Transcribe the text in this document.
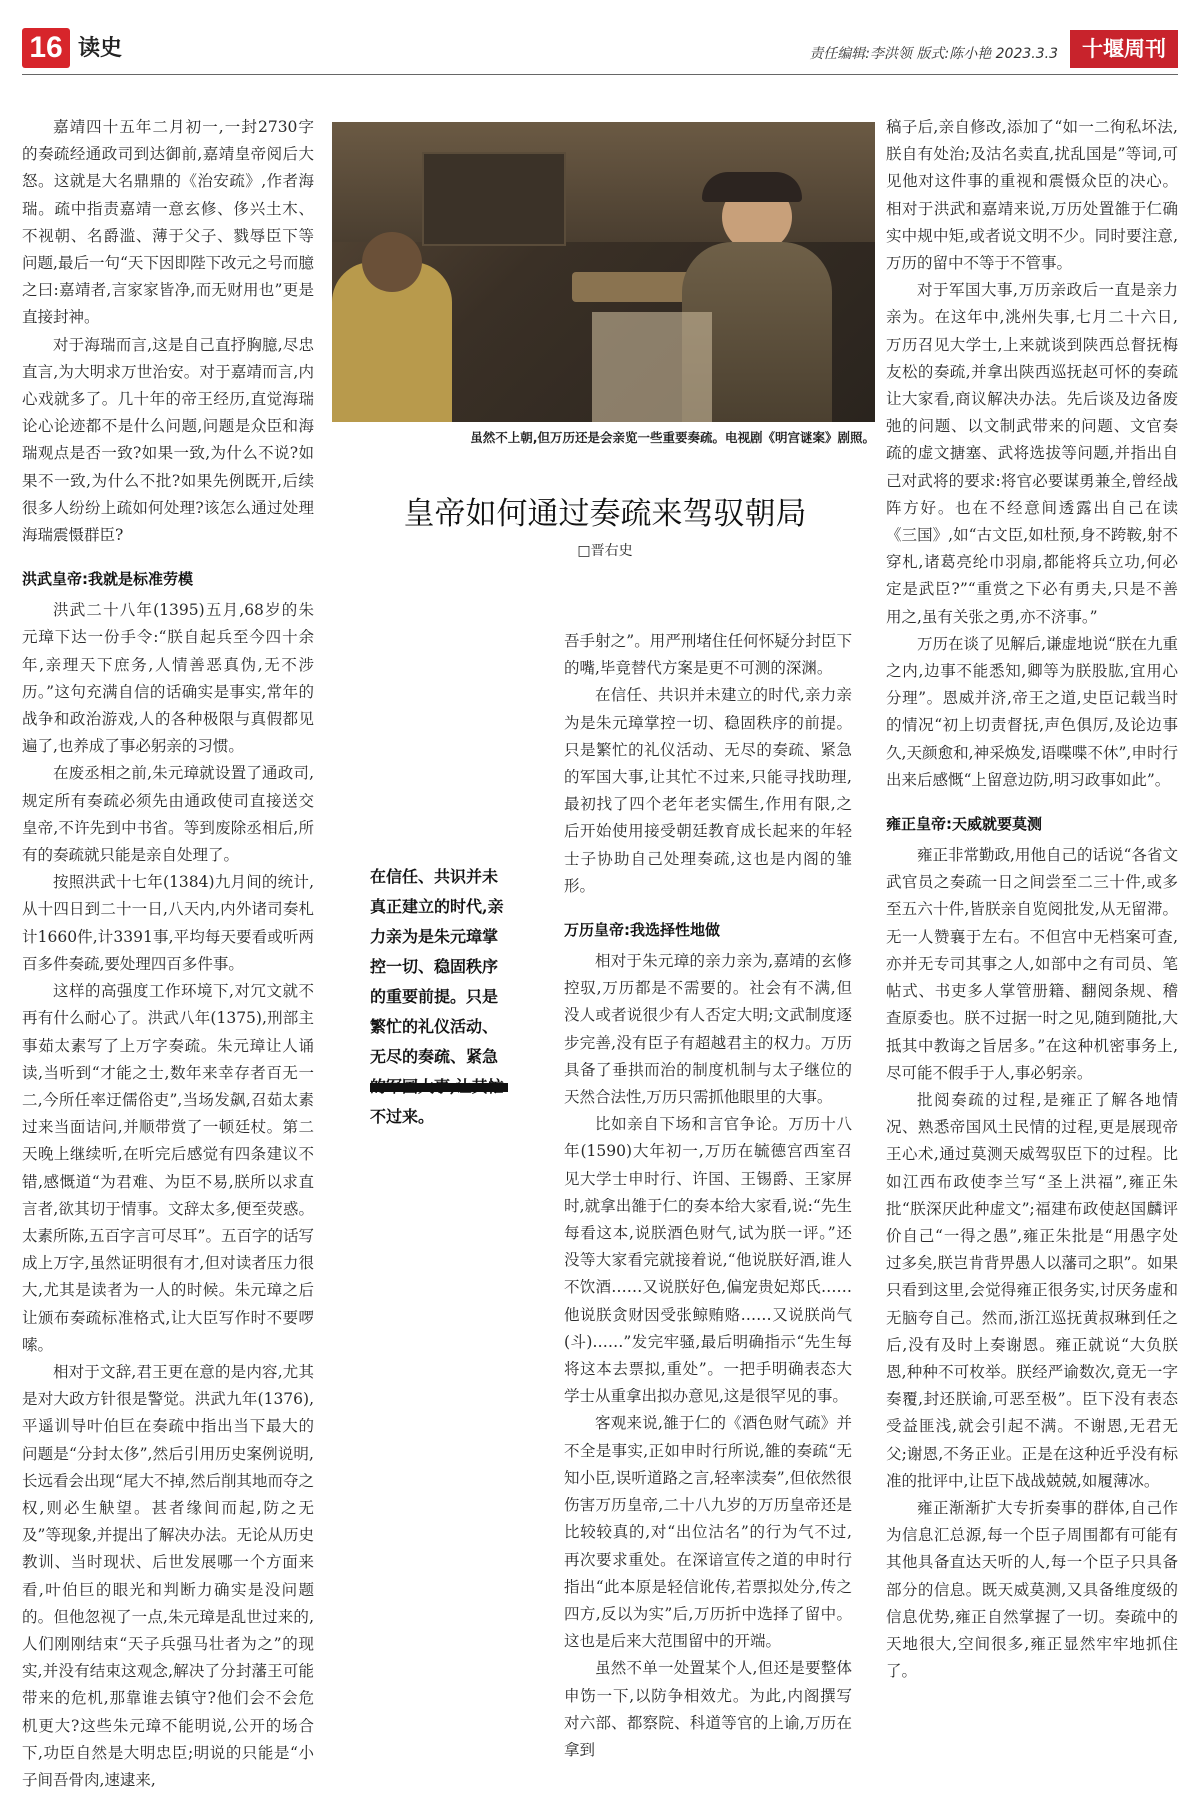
16 读史	责任编辑:李洪领 版式:陈小艳 2023.3.3	十堰周刊

嘉靖四十五年二月初一,一封2730字的奏疏经通政司到达御前,嘉靖皇帝阅后大怒。这就是大名鼎鼎的《治安疏》,作者海瑞。疏中指责嘉靖一意玄修、侈兴土木、不视朝、名爵滥、薄于父子、戮辱臣下等问题,最后一句“天下因即陛下改元之号而臆之曰:嘉靖者,言家家皆净,而无财用也”更是直接封神。

对于海瑞而言,这是自己直抒胸臆,尽忠直言,为大明求万世治安。对于嘉靖而言,内心戏就多了。几十年的帝王经历,直觉海瑞论心论迹都不是什么问题,问题是众臣和海瑞观点是否一致?如果一致,为什么不说?如果不一致,为什么不批?如果先例既开,后续很多人纷纷上疏如何处理?该怎么通过处理海瑞震慑群臣?

洪武皇帝:我就是标准劳模

洪武二十八年(1395)五月,68岁的朱元璋下达一份手令:“朕自起兵至今四十余年,亲理天下庶务,人情善恶真伪,无不涉历。”这句充满自信的话确实是事实,常年的战争和政治游戏,人的各种极限与真假都见遍了,也养成了事必躬亲的习惯。

在废丞相之前,朱元璋就设置了通政司,规定所有奏疏必须先由通政使司直接送交皇帝,不许先到中书省。等到废除丞相后,所有的奏疏就只能是亲自处理了。

按照洪武十七年(1384)九月间的统计,从十四日到二十一日,八天内,内外诸司奏札计1660件,计3391事,平均每天要看或听两百多件奏疏,要处理四百多件事。

这样的高强度工作环境下,对冗文就不再有什么耐心了。洪武八年(1375),刑部主事茹太素写了上万字奏疏。朱元璋让人诵读,当听到“才能之士,数年来幸存者百无一二,今所任率迂儒俗吏”,当场发飙,召茹太素过来当面诘问,并顺带赏了一顿廷杖。第二天晚上继续听,在听完后感觉有四条建议不错,感慨道“为君难、为臣不易,朕所以求直言者,欲其切于情事。文辞太多,便至荧惑。太素所陈,五百字言可尽耳”。五百字的话写成上万字,虽然证明很有才,但对读者压力很大,尤其是读者为一人的时候。朱元璋之后让颁布奏疏标准格式,让大臣写作时不要啰嗦。

相对于文辞,君王更在意的是内容,尤其是对大政方针很是警觉。洪武九年(1376),平遥训导叶伯巨在奏疏中指出当下最大的问题是“分封太侈”,然后引用历史案例说明,长远看会出现“尾大不掉,然后削其地而夺之权,则必生觖望。甚者缘间而起,防之无及”等现象,并提出了解决办法。无论从历史教训、当时现状、后世发展哪一个方面来看,叶伯巨的眼光和判断力确实是没问题的。但他忽视了一点,朱元璋是乱世过来的,人们刚刚结束“天子兵强马壮者为之”的现实,并没有结束这观念,解决了分封藩王可能带来的危机,那靠谁去镇守?他们会不会危机更大?这些朱元璋不能明说,公开的场合下,功臣自然是大明忠臣;明说的只能是“小子间吾骨肉,速逮来,

虽然不上朝,但万历还是会亲览一些重要奏疏。电视剧《明宫谜案》剧照。
皇帝如何通过奏疏来驾驭朝局
□晋右史
在信任、共识并未真正建立的时代,亲力亲为是朱元璋掌控一切、稳固秩序的重要前提。只是繁忙的礼仪活动、无尽的奏疏、紧急 不过来。

吾手射之”。用严刑堵住任何怀疑分封臣下的嘴,毕竟替代方案是更不可测的深渊。

在信任、共识并未建立的时代,亲力亲为是朱元璋掌控一切、稳固秩序的前提。只是繁忙的礼仪活动、无尽的奏疏、紧急的军国大事,让其忙不过来,只能寻找助理,最初找了四个老年老实儒生,作用有限,之后开始使用接受朝廷教育成长起来的年轻士子协助自己处理奏疏,这也是内阁的雏形。

万历皇帝:我选择性地做

相对于朱元璋的亲力亲为,嘉靖的玄修控驭,万历都是不需要的。社会有不满,但没人或者说很少有人否定大明;文武制度逐步完善,没有臣子有超越君主的权力。万历具备了垂拱而治的制度机制与太子继位的天然合法性,万历只需抓他眼里的大事。

比如亲自下场和言官争论。万历十八年(1590)大年初一,万历在毓德宫西室召见大学士申时行、许国、王锡爵、王家屏时,就拿出雒于仁的奏本给大家看,说:“先生每看这本,说朕酒色财气,试为朕一评。”还没等大家看完就接着说,“他说朕好酒,谁人不饮酒……又说朕好色,偏宠贵妃郑氏……他说朕贪财因受张鲸贿赂……又说朕尚气(斗)……”发完牢骚,最后明确指示“先生每将这本去票拟,重处”。一把手明确表态大学士从重拿出拟办意见,这是很罕见的事。

客观来说,雒于仁的《酒色财气疏》并不全是事实,正如申时行所说,雒的奏疏“无知小臣,误听道路之言,轻率渎奏”,但依然很伤害万历皇帝,二十八九岁的万历皇帝还是比较较真的,对“出位沽名”的行为气不过,再次要求重处。在深谙宣传之道的申时行指出“此本原是轻信讹传,若票拟处分,传之四方,反以为实”后,万历折中选择了留中。这也是后来大范围留中的开端。

虽然不单一处置某个人,但还是要整体申饬一下,以防争相效尤。为此,内阁撰写对六部、都察院、科道等官的上谕,万历在拿到

稿子后,亲自修改,添加了“如一二徇私坏法,朕自有处治;及沽名卖直,扰乱国是”等词,可见他对这件事的重视和震慑众臣的决心。相对于洪武和嘉靖来说,万历处置雒于仁确实中规中矩,或者说文明不少。同时要注意,万历的留中不等于不管事。

对于军国大事,万历亲政后一直是亲力亲为。在这年中,洮州失事,七月二十六日,万历召见大学士,上来就谈到陕西总督抚梅友松的奏疏,并拿出陕西巡抚赵可怀的奏疏让大家看,商议解决办法。先后谈及边备废弛的问题、以文制武带来的问题、文官奏疏的虚文搪塞、武将选拔等问题,并指出自己对武将的要求:将官必要谋勇兼全,曾经战阵方好。也在不经意间透露出自己在读《三国》,如“古文臣,如杜预,身不跨鞍,射不穿札,诸葛亮纶巾羽扇,都能将兵立功,何必定是武臣?”“重赏之下必有勇夫,只是不善用之,虽有关张之勇,亦不济事。”

万历在谈了见解后,谦虚地说“朕在九重之内,边事不能悉知,卿等为朕股肱,宜用心分理”。恩威并济,帝王之道,史臣记载当时的情况“初上切责督抚,声色俱厉,及论边事久,天颜愈和,神采焕发,语喋喋不休”,申时行出来后感慨“上留意边防,明习政事如此”。

雍正皇帝:天威就要莫测

雍正非常勤政,用他自己的话说“各省文武官员之奏疏一日之间尝至二三十件,或多至五六十件,皆朕亲自览阅批发,从无留滞。无一人赞襄于左右。不但宫中无档案可查,亦并无专司其事之人,如部中之有司员、笔帖式、书吏多人掌管册籍、翻阅条规、稽查原委也。朕不过据一时之见,随到随批,大抵其中教诲之旨居多。”在这种机密事务上,尽可能不假手于人,事必躬亲。

批阅奏疏的过程,是雍正了解各地情况、熟悉帝国风土民情的过程,更是展现帝王心术,通过莫测天威驾驭臣下的过程。比如江西布政使李兰写“圣上洪福”,雍正朱批“朕深厌此种虚文”;福建布政使赵国麟评价自己“一得之愚”,雍正朱批是“用愚字处过多矣,朕岂肯背畀愚人以藩司之职”。如果只看到这里,会觉得雍正很务实,讨厌务虚和无脑夸自己。然而,浙江巡抚黄叔琳到任之后,没有及时上奏谢恩。雍正就说“大负朕恩,种种不可枚举。朕经严谕数次,竟无一字奏覆,封还朕谕,可恶至极”。臣下没有表态受益匪浅,就会引起不满。不谢恩,无君无父;谢恩,不务正业。正是在这种近乎没有标准的批评中,让臣下战战兢兢,如履薄冰。

雍正渐渐扩大专折奏事的群体,自己作为信息汇总源,每一个臣子周围都有可能有其他具备直达天听的人,每一个臣子只具备部分的信息。既天威莫测,又具备维度级的信息优势,雍正自然掌握了一切。奏疏中的天地很大,空间很多,雍正显然牢牢地抓住了。
